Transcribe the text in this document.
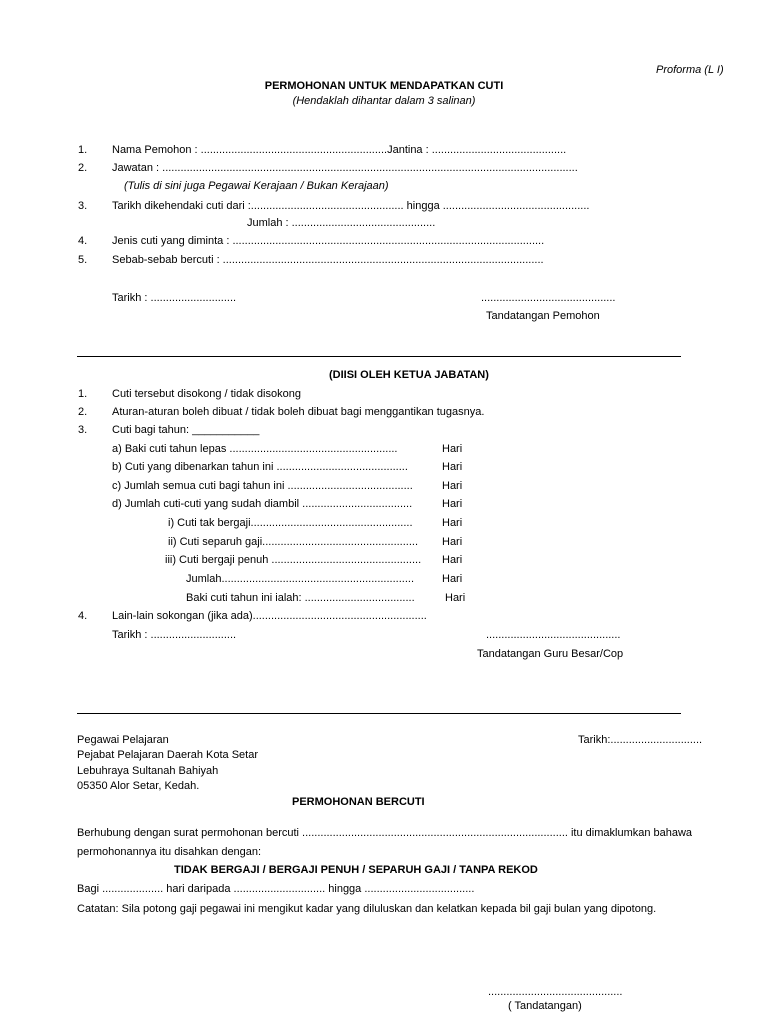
Proforma (L I)
PERMOHONAN UNTUK MENDAPATKAN CUTI
(Hendaklah dihantar dalam 3 salinan)
1. Nama Pemohon : .............................................................Jantina : ............................................
2. Jawatan : ........................................................................................................................................
(Tulis di sini juga Pegawai Kerajaan / Bukan Kerajaan)
3. Tarikh dikehendaki cuti dari :.................................................. hingga ................................................
Jumlah : ...............................................
4. Jenis cuti yang diminta : ......................................................................................................
5. Sebab-sebab bercuti : .........................................................................................................
Tarikh : ............................	............................................
Tandatangan Pemohon
(DIISI OLEH KETUA JABATAN)
1. Cuti tersebut disokong / tidak disokong
2. Aturan-aturan boleh dibuat / tidak boleh dibuat bagi menggantikan tugasnya.
3. Cuti bagi tahun: ___________
a) Baki cuti tahun lepas .......................................................	Hari
b) Cuti yang dibenarkan tahun ini ...........................................	Hari
c) Jumlah semua cuti bagi tahun ini .........................................	Hari
d) Jumlah cuti-cuti yang sudah diambil ....................................	Hari
i) Cuti tak bergaji.....................................................	Hari
ii) Cuti separuh gaji................................................... Hari
iii) Cuti bergaji penuh ................................................. Hari
Jumlah...............................................................	Hari
Baki cuti tahun ini ialah: ....................................	Hari
4. Lain-lain sokongan (jika ada).........................................................
Tarikh : ............................	............................................
Tandatangan Guru Besar/Cop
Pegawai Pelajaran
Pejabat Pelajaran Daerah Kota Setar
Lebuhraya Sultanah Bahiyah
05350 Alor Setar, Kedah.
Tarikh:..............................
PERMOHONAN BERCUTI
Berhubung dengan surat permohonan bercuti ....................................................................................... itu dimaklumkan bahawa
permohonannya itu disahkan dengan:
TIDAK BERGAJI / BERGAJI PENUH / SEPARUH GAJI / TANPA REKOD
Bagi .................... hari daripada .............................. hingga ....................................
Catatan: Sila potong gaji pegawai ini mengikut kadar yang diluluskan dan kelatkan kepada bil gaji bulan yang dipotong.
............................................
( Tandatangan)
